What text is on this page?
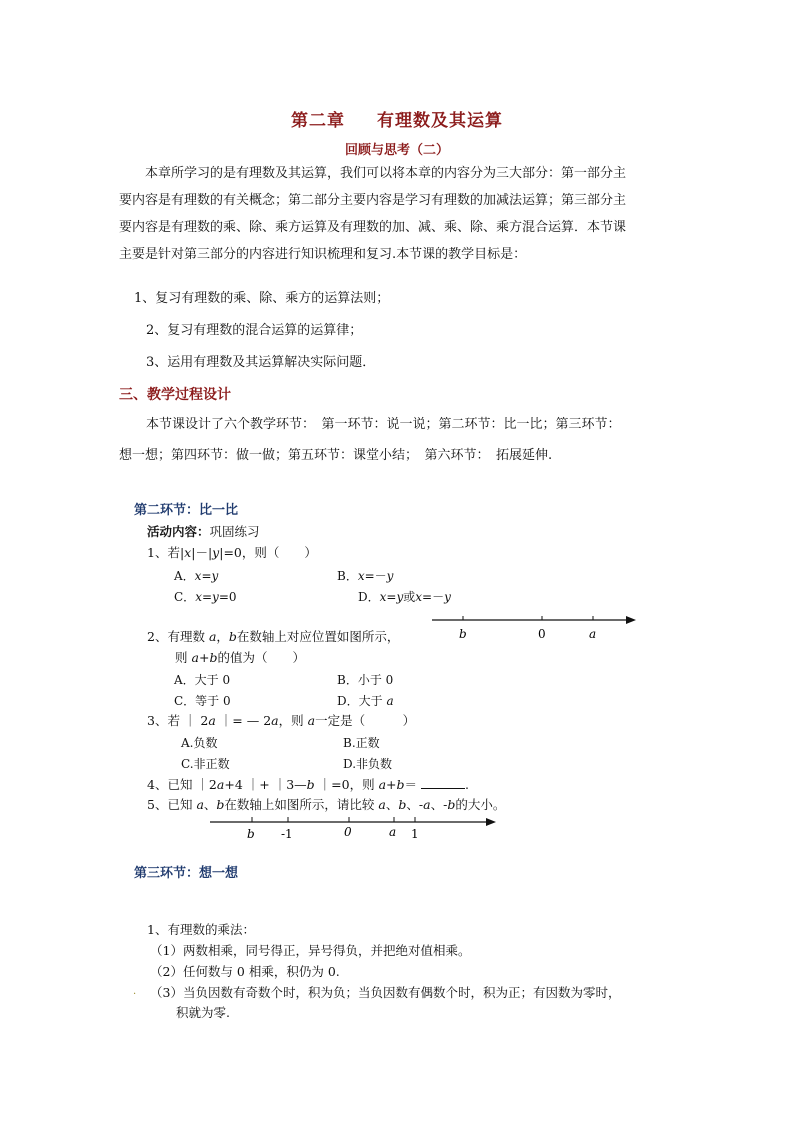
第二章 有理数及其运算
回顾与思考（二）
本章所学习的是有理数及其运算，我们可以将本章的内容分为三大部分：第一部分主
要内容是有理数的有关概念；第二部分主要内容是学习有理数的加减法运算；第三部分主
要内容是有理数的乘、除、乘方运算及有理数的加、减、乘、除、乘方混合运算．本节课
主要是针对第三部分的内容进行知识梳理和复习.本节课的教学目标是：
1、复习有理数的乘、除、乘方的运算法则；
2、复习有理数的混合运算的运算律；
3、运用有理数及其运算解决实际问题．
三、教学过程设计
本节课设计了六个教学环节：　第一环节：说一说；第二环节：比一比；第三环节：
想一想；第四环节：做一做；第五环节：课堂小结；　第六环节：　拓展延伸.
第二环节：比一比
活动内容：巩固练习
1、若|x|－|y|=0，则（　　）
A．x=y	B．x=－y
C．x=y=0	D．x=y或x=－y
b	0	a
2、有理数 a，b在数轴上对应位置如图所示，
则 a+b的值为（　　）
A．大于 0	B．小于 0
C．等于 0	D．大于 a
3、若 ｜ 2a ｜= — 2a，则 a一定是（　　　）
A.负数	B.正数
C.非正数	D.非负数
4、已知 ｜2a+4 ｜+ ｜3—b ｜=0，则 a+b＝	.
5、已知 a、b在数轴上如图所示，请比较 a、b、-a、-b的大小。
b -1	0	a 1
第三环节：想一想
1、有理数的乘法：
（1）两数相乘，同号得正，异号得负，并把绝对值相乘。
（2）任何数与 0 相乘，积仍为 0.
. （3）当负因数有奇数个时，积为负；当负因数有偶数个时，积为正；有因数为零时，
积就为零.
